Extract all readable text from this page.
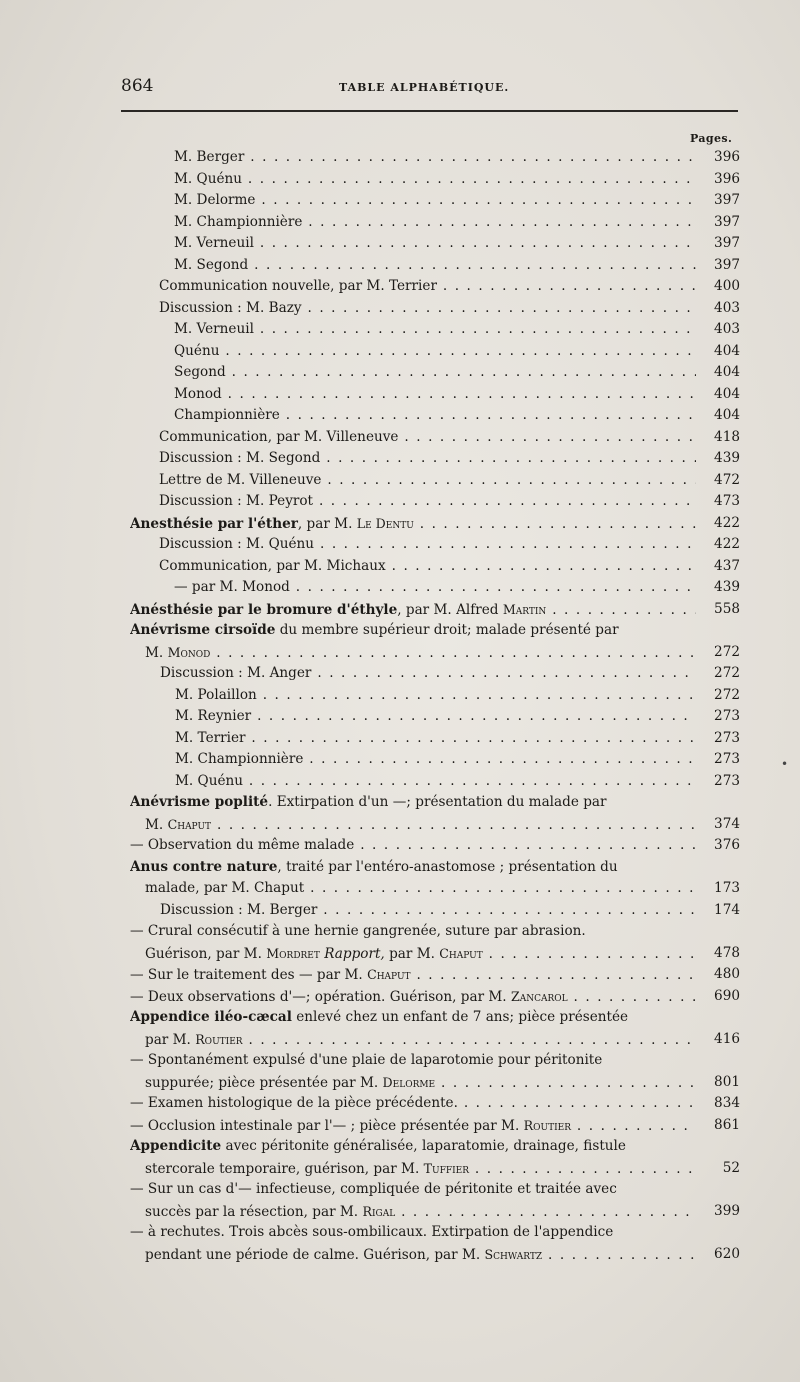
864	TABLE ALPHABÉTIQUE.
Pages.
M. Berger . . .	396
M. Quénu . . .	396
M. Delorme . . .	397
M. Championnière . . .	397
M. Verneuil . . .	397
M. Segond . . .	397
Communication nouvelle, par M. Terrier . . .	400
Discussion : M. Bazy . . .	403
M. Verneuil . . .	403
Quénu . . .	404
Segond . . .	404
Monod . . .	404
Championnière . . .	404
Communication, par M. Villeneuve . . .	418
Discussion : M. Segond . . .	439
Lettre de M. Villeneuve . . .	472
Discussion : M. Peyrot . . .	473
Anesthésie par l'éther, par M. Le Dentu . . .	422
Discussion : M. Quénu . . .	422
Communication, par M. Michaux . . .	437
— par M. Monod . . .	439
Anésthésie par le bromure d'éthyle, par M. Alfred Martin . . .	558
Anévrisme cirsoïde du membre supérieur droit; malade présenté par
M. Monod . . .	272
Discussion : M. Anger . . .	272
M. Polaillon . . .	272
M. Reynier . . .	273
M. Terrier . . .	273
M. Championnière . . .	273
M. Quénu . . .	273
Anévrisme poplité. Extirpation d'un —; présentation du malade par
M. Chaput . . .	374
— Observation du même malade . . .	376
Anus contre nature, traité par l'entéro-anastomose ; présentation du
malade, par M. Chaput . . .	173
Discussion : M. Berger . . .	174
— Crural consécutif à une hernie gangrenée, suture par abrasion.
Guérison, par M. Mordret Rapport, par M. Chaput . . .	478
— Sur le traitement des — par M. Chaput . . .	480
— Deux observations d'—; opération. Guérison, par M. Zancarol . . .	690
Appendice iléo-cæcal enlevé chez un enfant de 7 ans; pièce présentée
par M. Routier . . .	416
— Spontanément expulsé d'une plaie de laparotomie pour péritonite
suppurée; pièce présentée par M. Delorme . . .	801
— Examen histologique de la pièce précédente. . . .	834
— Occlusion intestinale par l'— ; pièce présentée par M. Routier . . .	861
Appendicite avec péritonite généralisée, laparatomie, drainage, fistule
stercorale temporaire, guérison, par M. Tuffier . . .	52
— Sur un cas d'— infectieuse, compliquée de péritonite et traitée avec
succès par la résection, par M. Rigal . . .	399
— à rechutes. Trois abcès sous-ombilicaux. Extirpation de l'appendice
pendant une période de calme. Guérison, par M. Schwartz . . .	620
•
